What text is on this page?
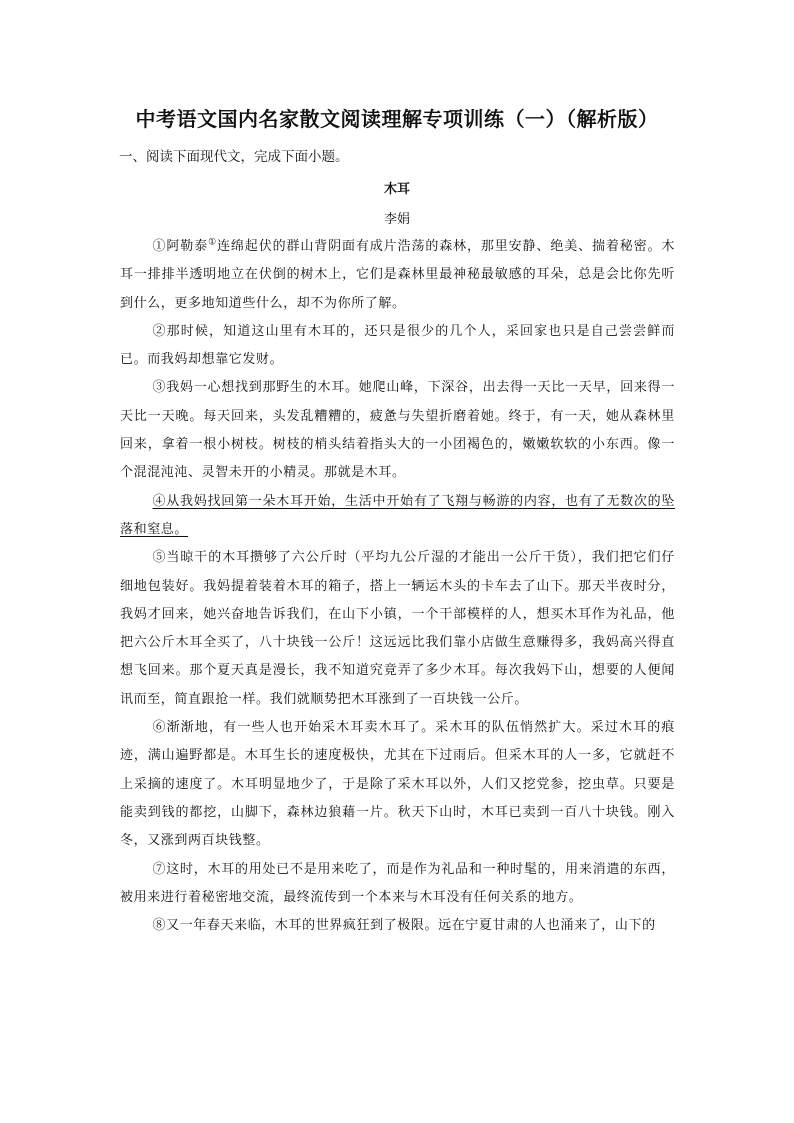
中考语文国内名家散文阅读理解专项训练（一）（解析版）
一、阅读下面现代文，完成下面小题。
木耳
李娟

①阿勒泰①连绵起伏的群山背阴面有成片浩荡的森林，那里安静、绝美、揣着秘密。木耳一排排半透明地立在伏倒的树木上，它们是森林里最神秘最敏感的耳朵，总是会比你先听到什么，更多地知道些什么，却不为你所了解。

②那时候，知道这山里有木耳的，还只是很少的几个人，采回家也只是自己尝尝鲜而已。而我妈却想靠它发财。

③我妈一心想找到那野生的木耳。她爬山峰，下深谷，出去得一天比一天早，回来得一天比一天晚。每天回来，头发乱糟糟的，疲惫与失望折磨着她。终于，有一天，她从森林里回来，拿着一根小树枝。树枝的梢头结着指头大的一小团褐色的，嫩嫩软软的小东西。像一个混混沌沌、灵智未开的小精灵。那就是木耳。

④从我妈找回第一朵木耳开始，生活中开始有了飞翔与畅游的内容，也有了无数次的坠落和窒息。

⑤当晾干的木耳攒够了六公斤时（平均九公斤湿的才能出一公斤干货），我们把它们仔细地包装好。我妈提着装着木耳的箱子，搭上一辆运木头的卡车去了山下。那天半夜时分，我妈才回来，她兴奋地告诉我们，在山下小镇，一个干部模样的人，想买木耳作为礼品，他把六公斤木耳全买了，八十块钱一公斤！这远远比我们靠小店做生意赚得多，我妈高兴得直想飞回来。那个夏天真是漫长，我不知道究竟弄了多少木耳。每次我妈下山，想要的人便闻讯而至，简直跟抢一样。我们就顺势把木耳涨到了一百块钱一公斤。

⑥渐渐地，有一些人也开始采木耳卖木耳了。采木耳的队伍悄然扩大。采过木耳的痕迹，满山遍野都是。木耳生长的速度极快，尤其在下过雨后。但采木耳的人一多，它就赶不上采摘的速度了。木耳明显地少了，于是除了采木耳以外，人们又挖党参，挖虫草。只要是能卖到钱的都挖，山脚下，森林边狼藉一片。秋天下山时，木耳已卖到一百八十块钱。刚入冬，又涨到两百块钱整。

⑦这时，木耳的用处已不是用来吃了，而是作为礼品和一种时髦的，用来消遣的东西，被用来进行着秘密地交流，最终流传到一个本来与木耳没有任何关系的地方。

⑧又一年春天来临，木耳的世界疯狂到了极限。远在宁夏甘肃的人也涌来了，山下的
